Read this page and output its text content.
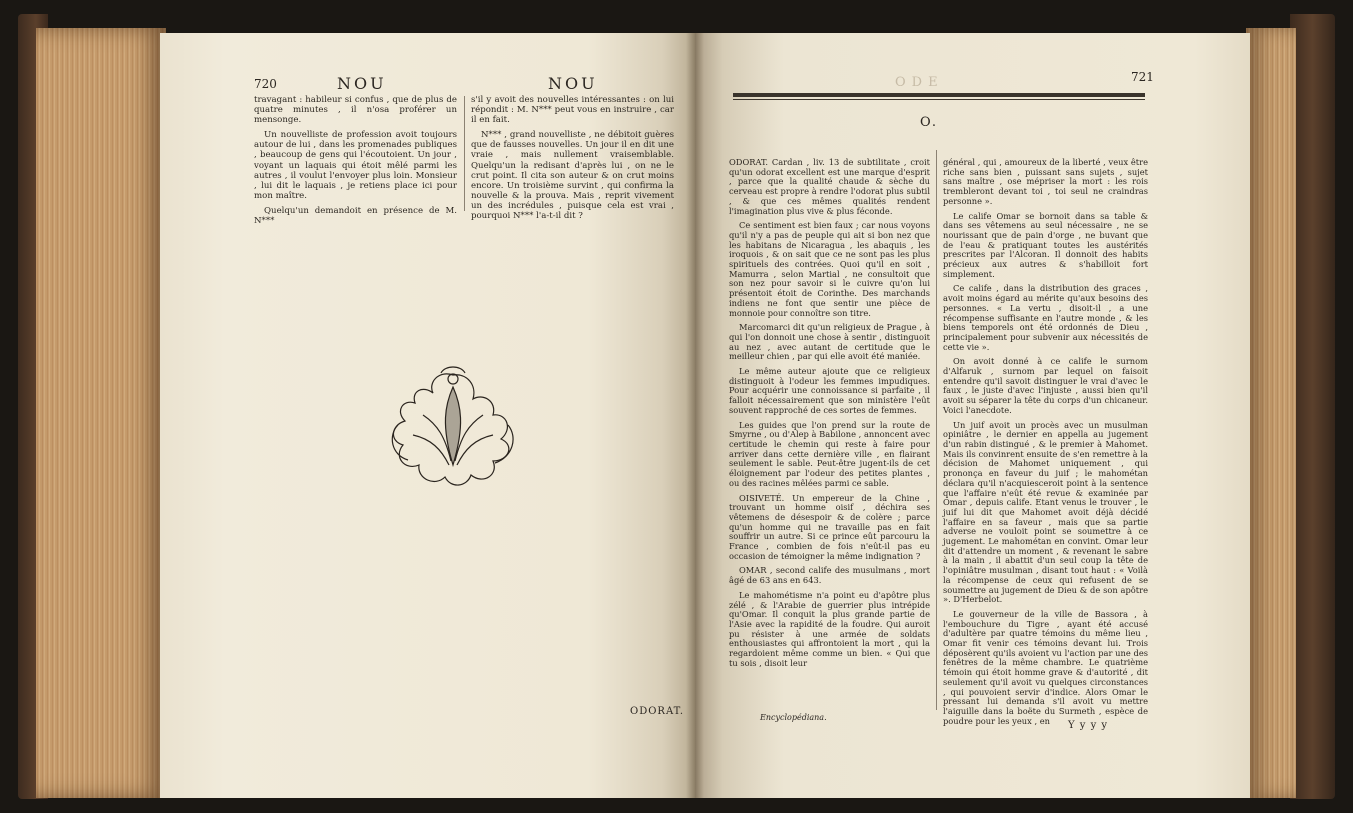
NOU	NOU
720

travagant : habileur si confus , que de plus de quatre minutes , il n'osa proférer un mensonge.

Un nouvelliste de profession avoit toujours autour de lui , dans les promenades publiques , beaucoup de gens qui l'écoutoient. Un jour , voyant un laquais qui étoit mêlé parmi les autres , il voulut l'envoyer plus loin. Monsieur , lui dit le laquais , je retiens place ici pour mon maître.

Quelqu'un demandoit en présence de M. N***

s'il y avoit des nouvelles intéressantes : on lui répondit : M. N*** peut vous en instruire , car il en fait.

N*** , grand nouvelliste , ne débitoit guères que de fausses nouvelles. Un jour il en dit une vraie , mais nullement vraisemblable. Quelqu'un la redisant d'après lui , on ne le crut point. Il cita son auteur & on crut moins encore. Un troisième survint , qui confirma la nouvelle & la prouva. Mais , reprit vivement un des incrédules , puisque cela est vrai , pourquoi N*** l'a-t-il dit ?

ODORAT.
ODE	721
O.

ODORAT. Cardan , liv. 13 de subtilitate , croit qu'un odorat excellent est une marque d'esprit , parce que la qualité chaude & sèche du cerveau est propre à rendre l'odorat plus subtil , & que ces mêmes qualités rendent l'imagination plus vive & plus féconde.

Ce sentiment est bien faux ; car nous voyons qu'il n'y a pas de peuple qui ait si bon nez que les habitans de Nicaragua , les abaquis , les iroquois , & on sait que ce ne sont pas les plus spirituels des contrées. Quoi qu'il en soit , Mamurra , selon Martial , ne consultoit que son nez pour savoir si le cuivre qu'on lui présentoit étoit de Corinthe. Des marchands indiens ne font que sentir une pièce de monnoie pour connoître son titre.

Marcomarci dit qu'un religieux de Prague , à qui l'on donnoit une chose à sentir , distinguoit au nez , avec autant de certitude que le meilleur chien , par qui elle avoit été maniée.

Le même auteur ajoute que ce religieux distinguoit à l'odeur les femmes impudiques. Pour acquérir une connoissance si parfaite , il falloit nécessairement que son ministère l'eût souvent rapproché de ces sortes de femmes.

Les guides que l'on prend sur la route de Smyrne , ou d'Alep à Babilone , annoncent avec certitude le chemin qui reste à faire pour arriver dans cette dernière ville , en flairant seulement le sable. Peut-être jugent-ils de cet éloignement par l'odeur des petites plantes , ou des racines mêlées parmi ce sable.

OISIVETÉ. Un empereur de la Chine , trouvant un homme oisif , déchira ses vêtemens de désespoir & de colère ; parce qu'un homme qui ne travaille pas en fait souffrir un autre. Si ce prince eût parcouru la France , combien de fois n'eût-il pas eu occasion de témoigner la même indignation ?

OMAR , second calife des musulmans , mort âgé de 63 ans en 643.

Le mahométisme n'a point eu d'apôtre plus zélé , & l'Arabie de guerrier plus intrépide qu'Omar. Il conquit la plus grande partie de l'Asie avec la rapidité de la foudre. Qui auroit pu résister à une armée de soldats enthousiastes qui affrontoient la mort , qui la regardoient même comme un bien. « Qui que tu sois , disoit leur

général , qui , amoureux de la liberté , veux être riche sans bien , puissant sans sujets , sujet sans maître , ose mépriser la mort : les rois trembleront devant toi , toi seul ne craindras personne ».

Le calife Omar se bornoit dans sa table & dans ses vêtemens au seul nécessaire , ne se nourissant que de pain d'orge , ne buvant que de l'eau & pratiquant toutes les austérités prescrites par l'Alcoran. Il donnoit des habits précieux aux autres & s'habilloit fort simplement.

Ce calife , dans la distribution des graces , avoit moins égard au mérite qu'aux besoins des personnes. « La vertu , disoit-il , a une récompense suffisante en l'autre monde , & les biens temporels ont été ordonnés de Dieu , principalement pour subvenir aux nécessités de cette vie ».

On avoit donné à ce calife le surnom d'Alfaruk , surnom par lequel on faisoit entendre qu'il savoit distinguer le vrai d'avec le faux , le juste d'avec l'injuste , aussi bien qu'il avoit su séparer la tête du corps d'un chicaneur. Voici l'anecdote.

Un juif avoit un procès avec un musulman opiniâtre , le dernier en appella au jugement d'un rabin distingué , & le premier à Mahomet. Mais ils convinrent ensuite de s'en remettre à la décision de Mahomet uniquement , qui prononça en faveur du juif ; le mahométan déclara qu'il n'acquiesceroit point à la sentence que l'affaire n'eût été revue & examinée par Omar , depuis calife. Etant venus le trouver , le juif lui dit que Mahomet avoit déjà décidé l'affaire en sa faveur , mais que sa partie adverse ne vouloit point se soumettre à ce jugement. Le mahométan en convint. Omar leur dit d'attendre un moment , & revenant le sabre à la main , il abattit d'un seul coup la tête de l'opiniâtre musulman , disant tout haut : « Voilà la récompense de ceux qui refusent de se soumettre au jugement de Dieu & de son apôtre ». D'Herbelot.

Le gouverneur de la ville de Bassora , à l'embouchure du Tigre , ayant été accusé d'adultère par quatre témoins du même lieu , Omar fit venir ces témoins devant lui. Trois déposèrent qu'ils avoient vu l'action par une des fenêtres de la même chambre. Le quatrième témoin qui étoit homme grave & d'autorité , dit seulement qu'il avoit vu quelques circonstances , qui pouvoient servir d'indice. Alors Omar le pressant lui demanda s'il avoit vu mettre l'aiguille dans la boëte du Surmeth , espèce de poudre pour les yeux , en

Encyclopédiana.
Y y y y
